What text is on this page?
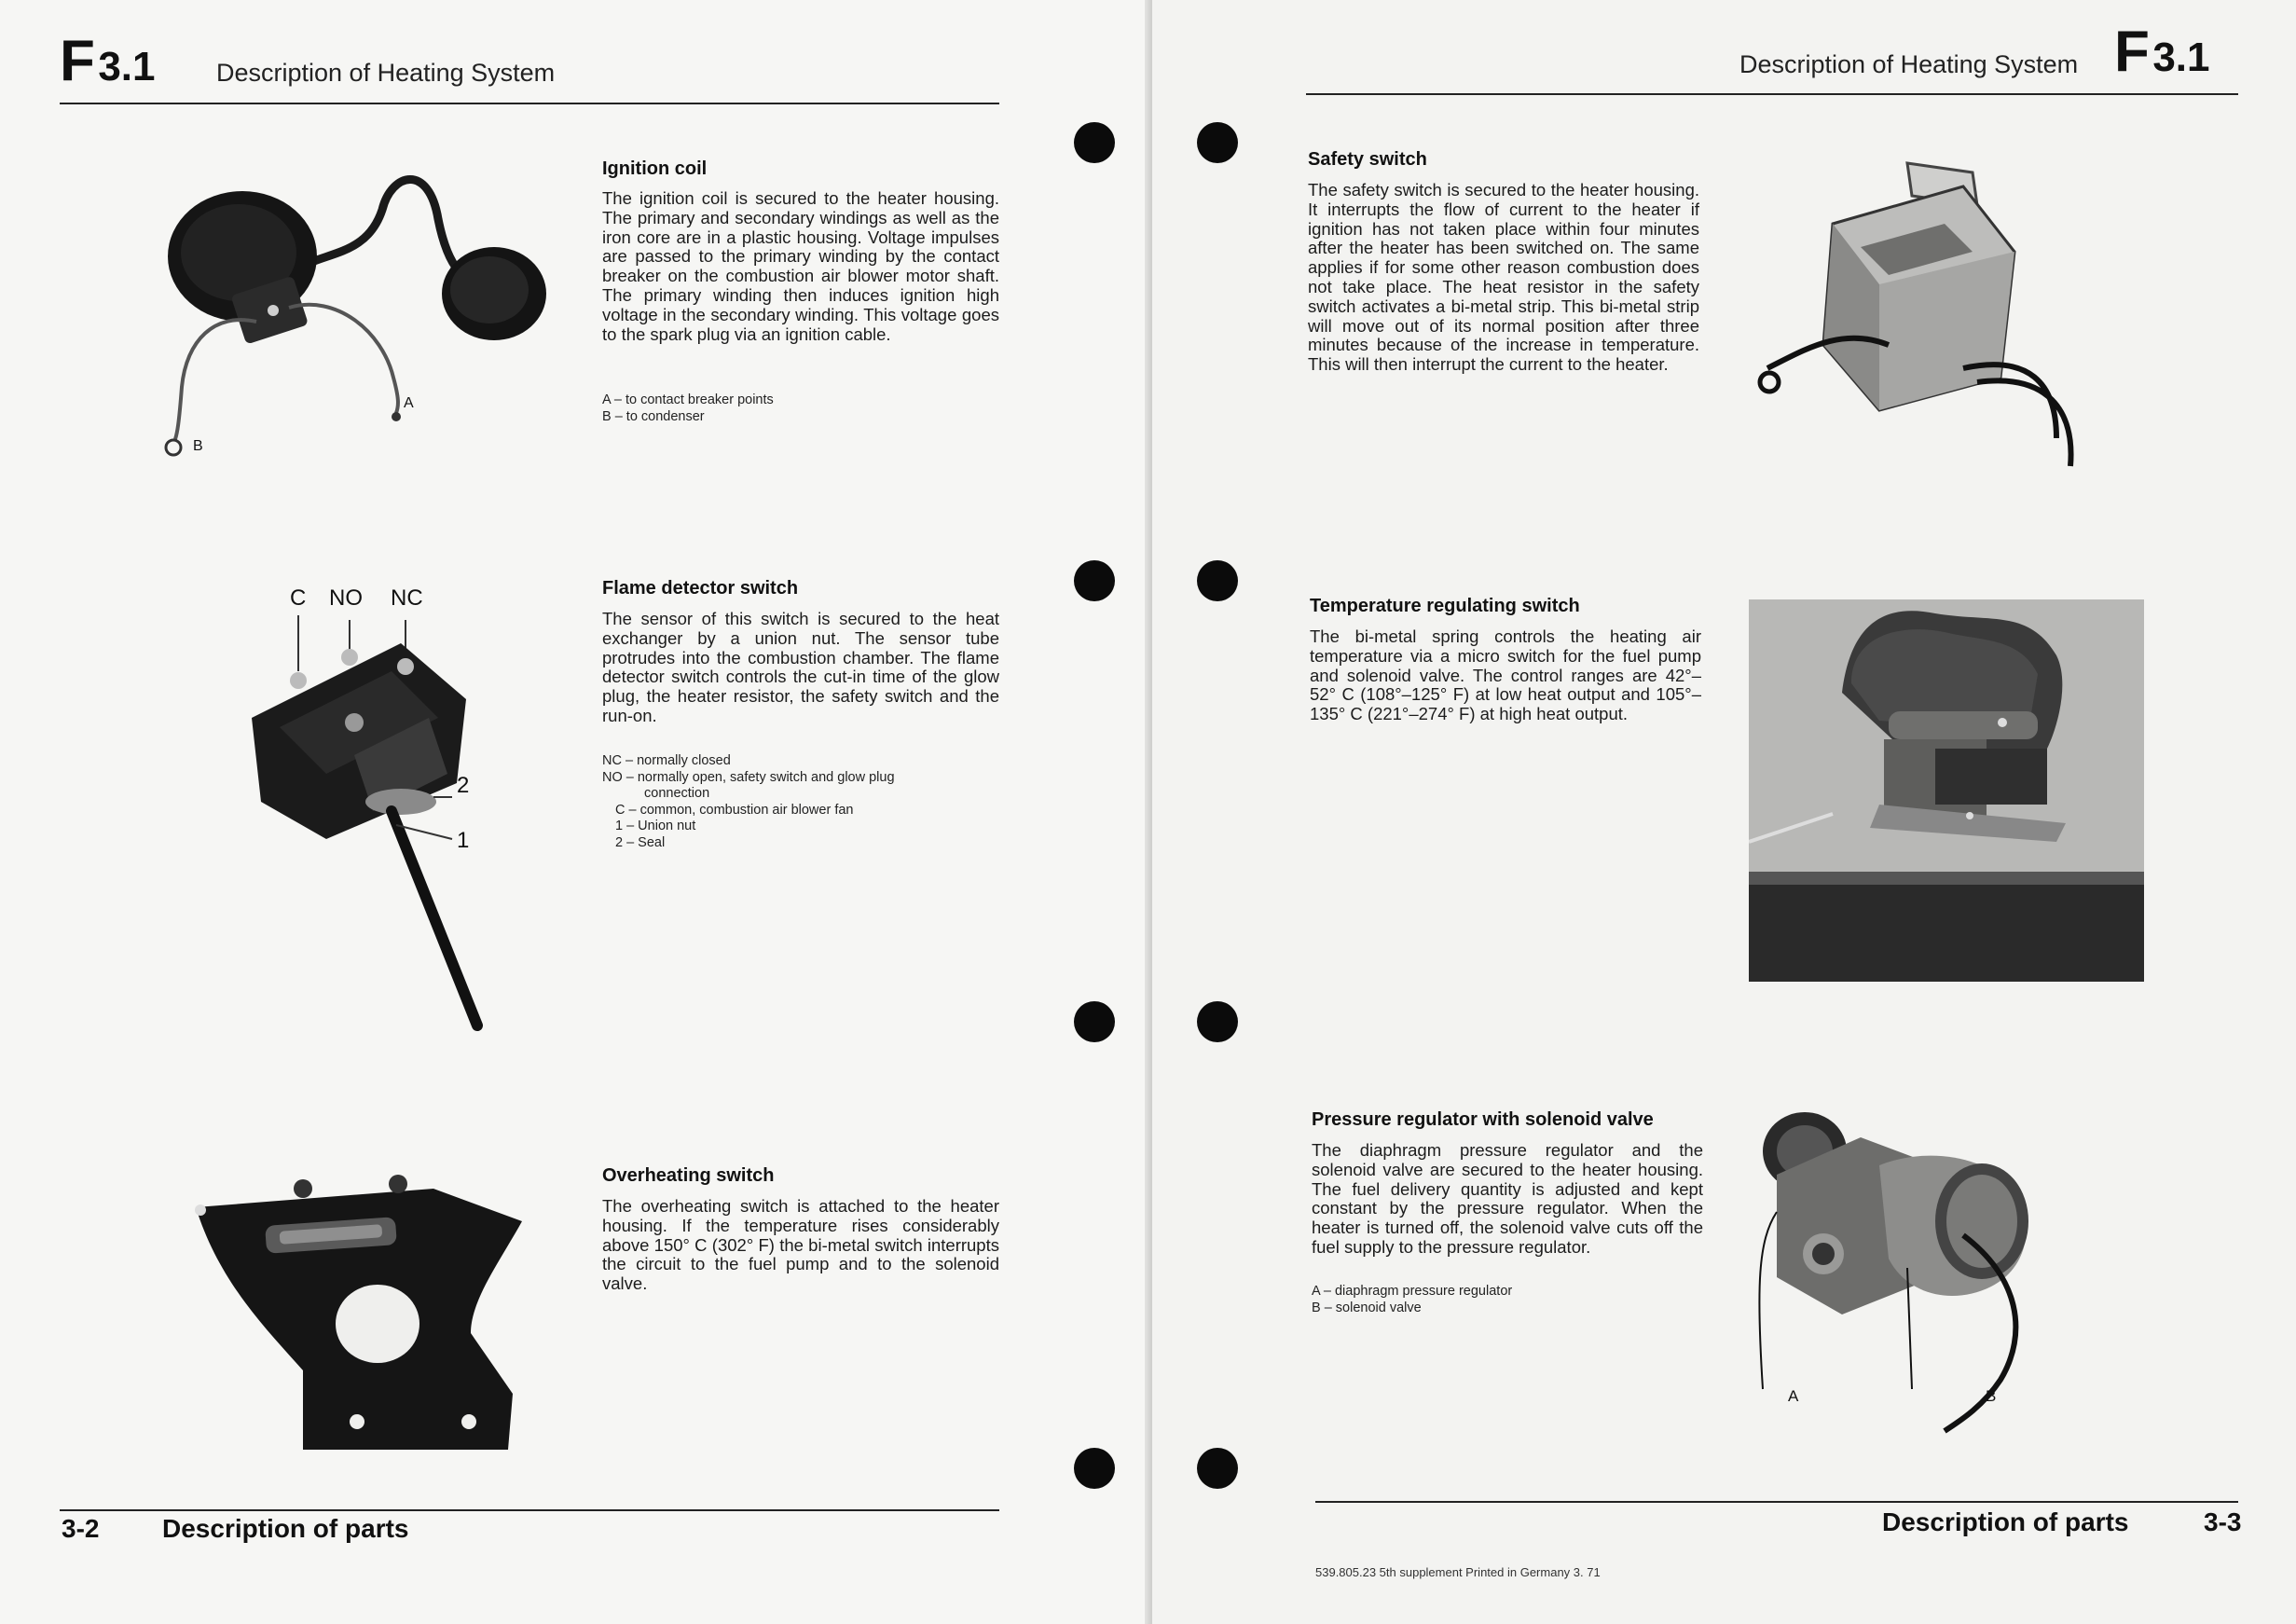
F 3.1 Description of Heating System
A
B
Ignition coil

The ignition coil is secured to the heater housing. The primary and secondary windings as well as the iron core are in a plastic housing. Voltage impulses are passed to the primary winding by the contact breaker on the combustion air blower motor shaft. The primary winding then induces ignition high voltage in the secondary winding. This voltage goes to the spark plug via an ignition cable.

A – to contact breaker points
B – to condenser
C NO NC
2
1
Flame detector switch

The sensor of this switch is secured to the heat exchanger by a union nut. The sensor tube protrudes into the combustion chamber. The flame detector switch controls the cut-in time of the glow plug, the heater resistor, the safety switch and the run-on.

NC – normally closed
NO – normally open, safety switch and glow plug
connection
C – common, combustion air blower fan
1 – Union nut
2 – Seal
Overheating switch

The overheating switch is attached to the heater housing. If the temperature rises considerably above 150° C (302° F) the bi-metal switch interrupts the circuit to the fuel pump and to the solenoid valve.

3-2 Description of parts
Description of Heating System F 3.1
Safety switch

The safety switch is secured to the heater housing. It interrupts the flow of current to the heater if ignition has not taken place within four minutes after the heater has been switched on. The same applies if for some other reason combustion does not take place. The heat resistor in the safety switch activates a bi-metal strip. This bi-metal strip will move out of its normal position after three minutes because of the increase in temperature. This will then interrupt the current to the heater.

Temperature regulating switch

The bi-metal spring controls the heating air temperature via a micro switch for the fuel pump and solenoid valve. The control ranges are 42°–52° C (108°–125° F) at low heat output and 105°–135° C (221°–274° F) at high heat output.

Pressure regulator with solenoid valve

The diaphragm pressure regulator and the solenoid valve are secured to the heater housing. The fuel delivery quantity is adjusted and kept constant by the pressure regulator. When the heater is turned off, the solenoid valve cuts off the fuel supply to the pressure regulator.

A – diaphragm pressure regulator
B – solenoid valve
A	B
Description of parts	3-3
539.805.23 5th supplement Printed in Germany 3. 71
